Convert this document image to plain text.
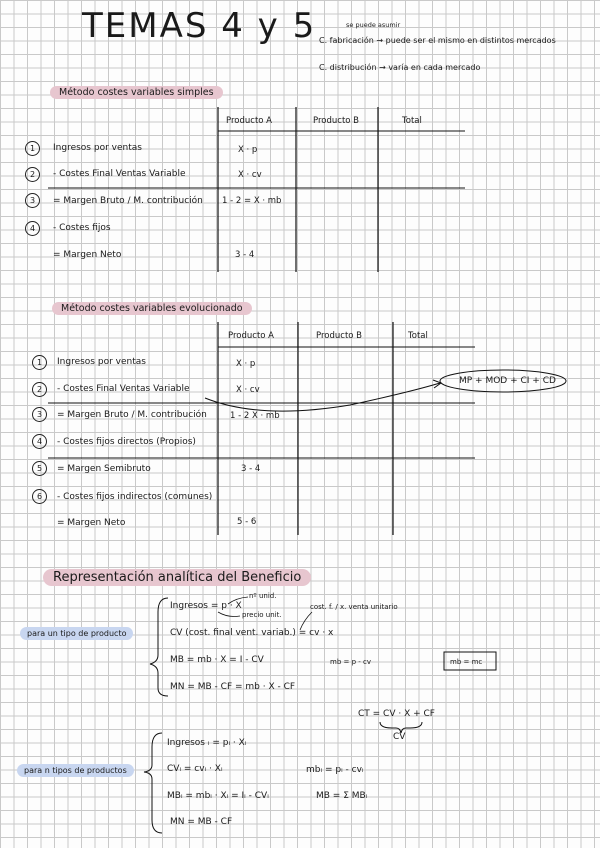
TEMAS 4 y 5	se puede asumir
C. fabricación → puede ser el mismo en distintos mercados
C. distribución → varía en cada mercado
Método costes variables simples
Producto A	Producto B	Total
1	Ingresos por ventas	X · p
2	- Costes Final Ventas Variable	X · cv
3	= Margen Bruto / M. contribución 1 - 2 = X · mb
4	- Costes fijos
= Margen Neto	3 - 4
Método costes variables evolucionado
Producto A	Producto B	Total
1	Ingresos por ventas	X · p
2	- Costes Final Ventas Variable	X · cv
3	= Margen Bruto / M. contribución	1 - 2 X · mb
4	- Costes fijos directos (Propios)
5	= Margen Semibruto	3 - 4
6	- Costes fijos indirectos (comunes)
= Margen Neto	5 - 6
MP + MOD + CI + CD
Representación analítica del Beneficio
para un tipo de producto
Ingresos = p · X
nº unid.
precio unit.
cost. f. / x. venta unitario
CV (cost. final vent. variab.) = cv · x
MB = mb · X = I - CV	mb = p - cv	mb = mc
MN = MB - CF = mb · X - CF
CT = CV · X + CF
CV
para n tipos de productos
Ingresos ᵢ = pᵢ · Xᵢ
CVᵢ = cvᵢ · Xᵢ	mbᵢ = pᵢ - cvᵢ
MBᵢ = mbᵢ · Xᵢ = Iᵢ - CVᵢ	MB = Σ MBᵢ
MN = MB - CF
